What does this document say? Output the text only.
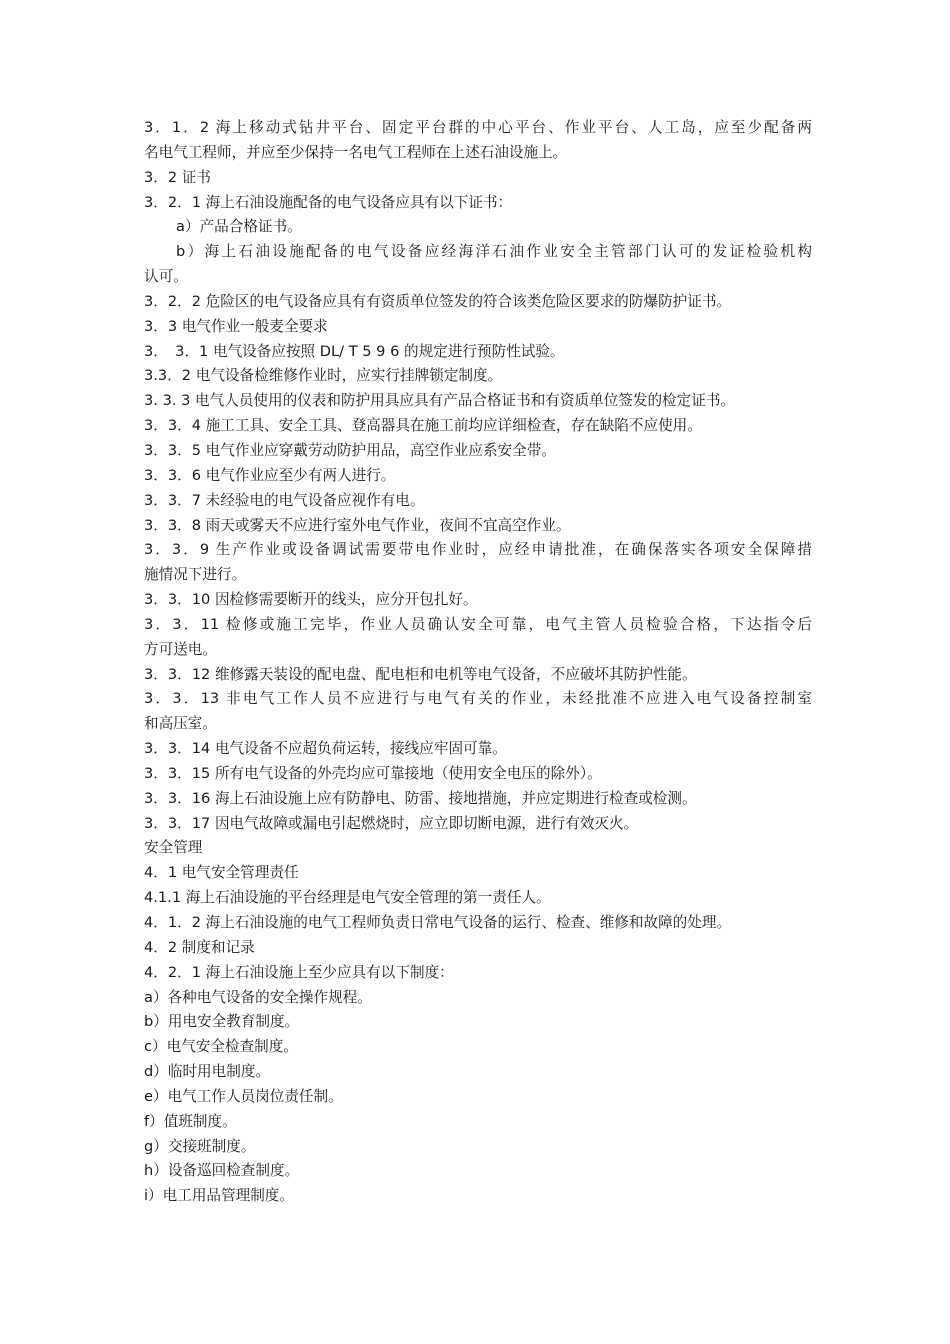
3．1．2 海上移动式钻井平台、固定平台群的中心平台、作业平台、人工岛，应至少配备两
名电气工程师，并应至少保持一名电气工程师在上述石油设施上。
3．2 证书
3．2．1 海上石油设施配备的电气设备应具有以下证书：
a）产品合格证书。
b）海上石油设施配备的电气设备应经海洋石油作业安全主管部门认可的发证检验机构
认可。
3．2．2 危险区的电气设备应具有有资质单位签发的符合该类危险区要求的防爆防护证书。
3．3 电气作业一般麦全要求
3．　3．1 电气设备应按照 DL/ T 5 9 6 的规定进行预防性试验。
3.3．2 电气设备检维修作业时，应实行挂牌锁定制度。
3. 3. 3 电气人员使用的仪表和防护用具应具有产品合格证书和有资质单位签发的检定证书。
3．3．4 施工工具、安全工具、登高器具在施工前均应详细检查，存在缺陷不应使用。
3．3．5 电气作业应穿戴劳动防护用品，高空作业应系安全带。
3．3．6 电气作业应至少有两人进行。
3．3．7 未经验电的电气设备应视作有电。
3．3．8 雨天或雾天不应进行室外电气作业，夜间不宜高空作业。
3．3．9 生产作业或设备调试需要带电作业时，应经申请批准，在确保落实各项安全保障措
施情况下进行。
3．3．10 因检修需要断开的线头，应分开包扎好。
3．3．11 检修或施工完毕，作业人员确认安全可靠，电气主管人员检验合格，下达指令后
方可送电。
3．3．12 维修露天装设的配电盘、配电柜和电机等电气设备，不应破坏其防护性能。
3．3．13 非电气工作人员不应进行与电气有关的作业，未经批准不应进入电气设备控制室
和高压室。
3．3．14 电气设备不应超负荷运转，接线应牢固可靠。
3．3．15 所有电气设备的外壳均应可靠接地（使用安全电压的除外）。
3．3．16 海上石油设施上应有防静电、防雷、接地措施，并应定期进行检查或检测。
3．3．17 因电气故障或漏电引起燃烧时，应立即切断电源，进行有效灭火。
安全管理
4．1 电气安全管理责任
4.1.1 海上石油设施的平台经理是电气安全管理的第一责任人。
4．1．2 海上石油设施的电气工程师负责日常电气设备的运行、检查、维修和故障的处理。
4．2 制度和记录
4．2．1 海上石油设施上至少应具有以下制度：
a）各种电气设备的安全操作规程。
b）用电安全教育制度。
c）电气安全检查制度。
d）临时用电制度。
e）电气工作人员岗位责任制。
f）值班制度。
g）交接班制度。
h）设备巡回检查制度。
i）电工用品管理制度。
